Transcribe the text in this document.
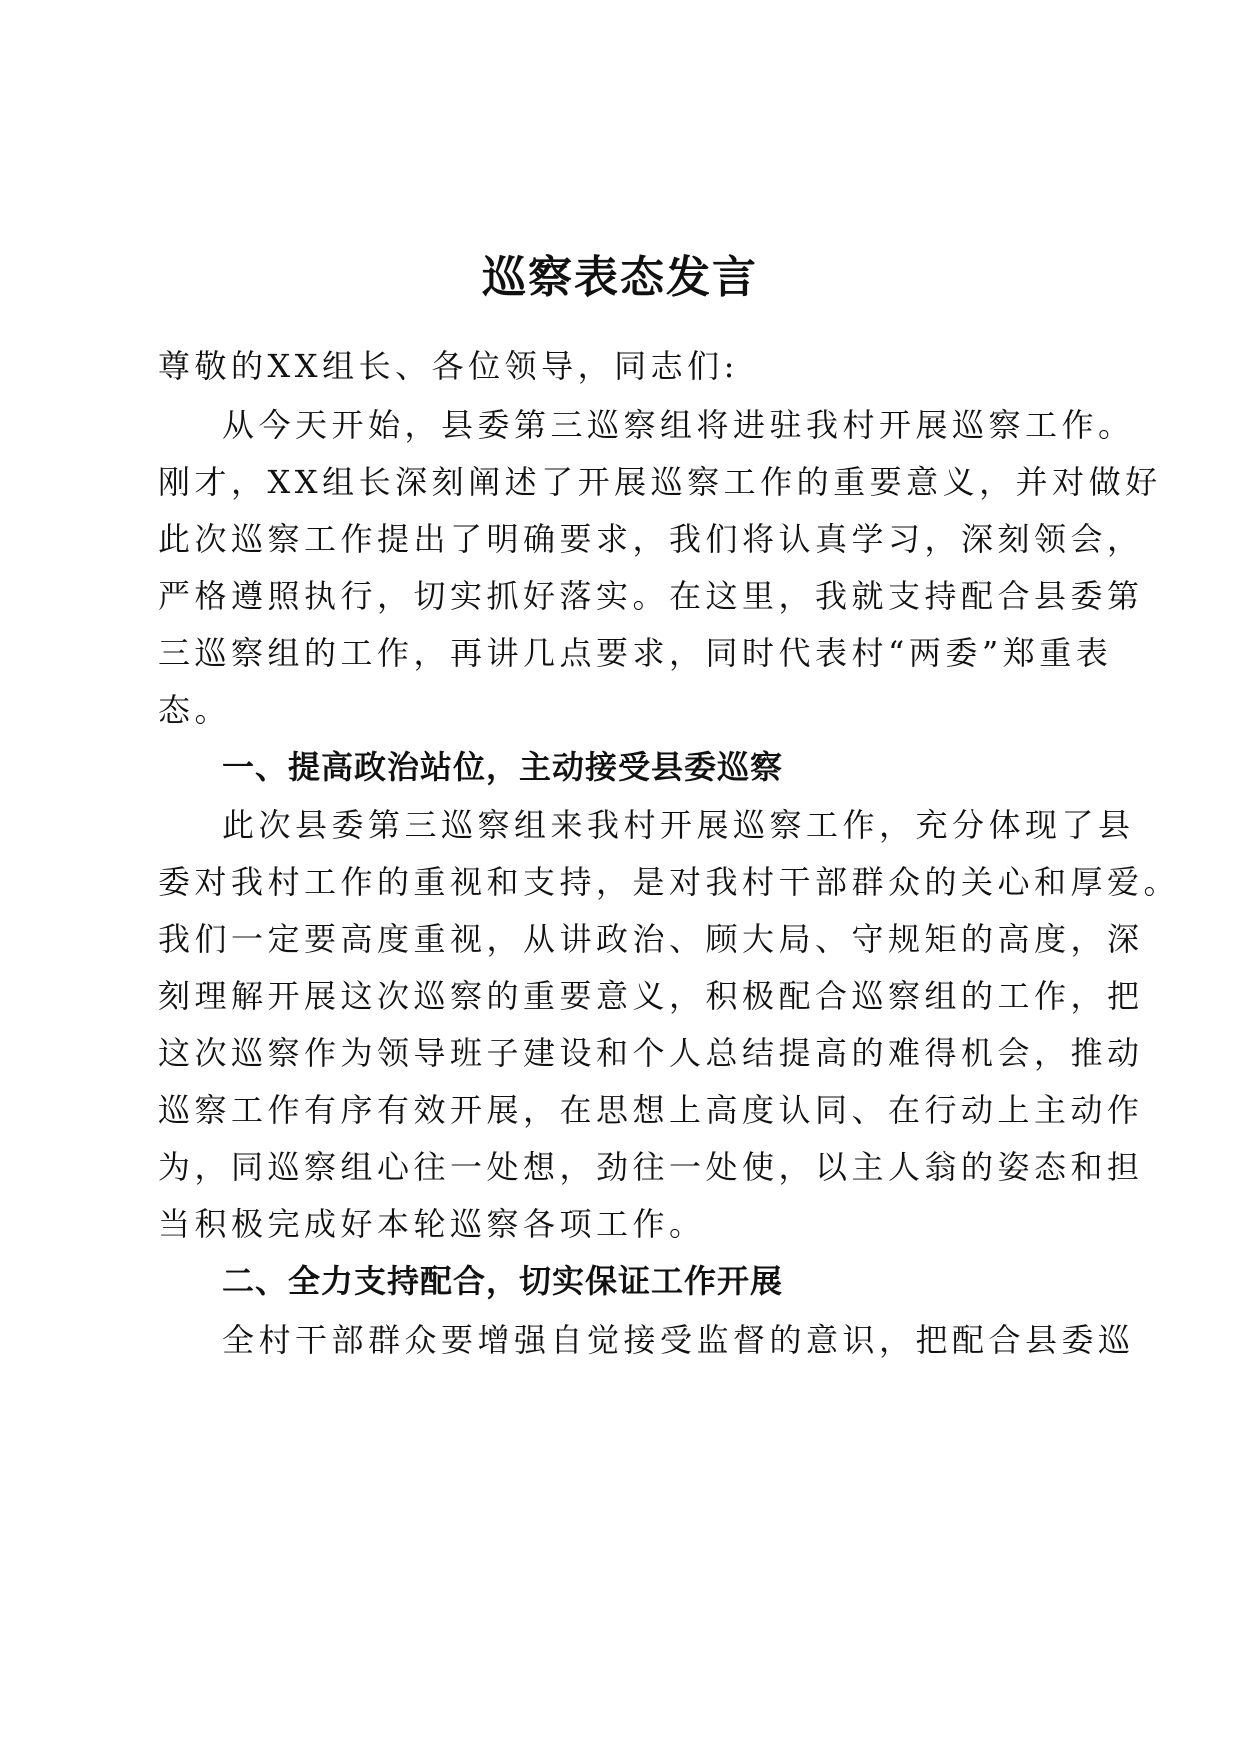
巡察表态发言
尊敬的XX组长、各位领导，同志们:
从今天开始，县委第三巡察组将进驻我村开展巡察工作。
刚才，XX组长深刻阐述了开展巡察工作的重要意义，并对做好
此次巡察工作提出了明确要求，我们将认真学习，深刻领会，
严格遵照执行，切实抓好落实。在这里，我就支持配合县委第
三巡察组的工作，再讲几点要求，同时代表村“两委”郑重表
态。
一、提高政治站位，主动接受县委巡察
此次县委第三巡察组来我村开展巡察工作，充分体现了县
委对我村工作的重视和支持，是对我村干部群众的关心和厚爱。
我们一定要高度重视，从讲政治、顾大局、守规矩的高度，深
刻理解开展这次巡察的重要意义，积极配合巡察组的工作，把
这次巡察作为领导班子建设和个人总结提高的难得机会，推动
巡察工作有序有效开展，在思想上高度认同、在行动上主动作
为，同巡察组心往一处想，劲往一处使，以主人翁的姿态和担
当积极完成好本轮巡察各项工作。
二、全力支持配合，切实保证工作开展
全村干部群众要增强自觉接受监督的意识，把配合县委巡
